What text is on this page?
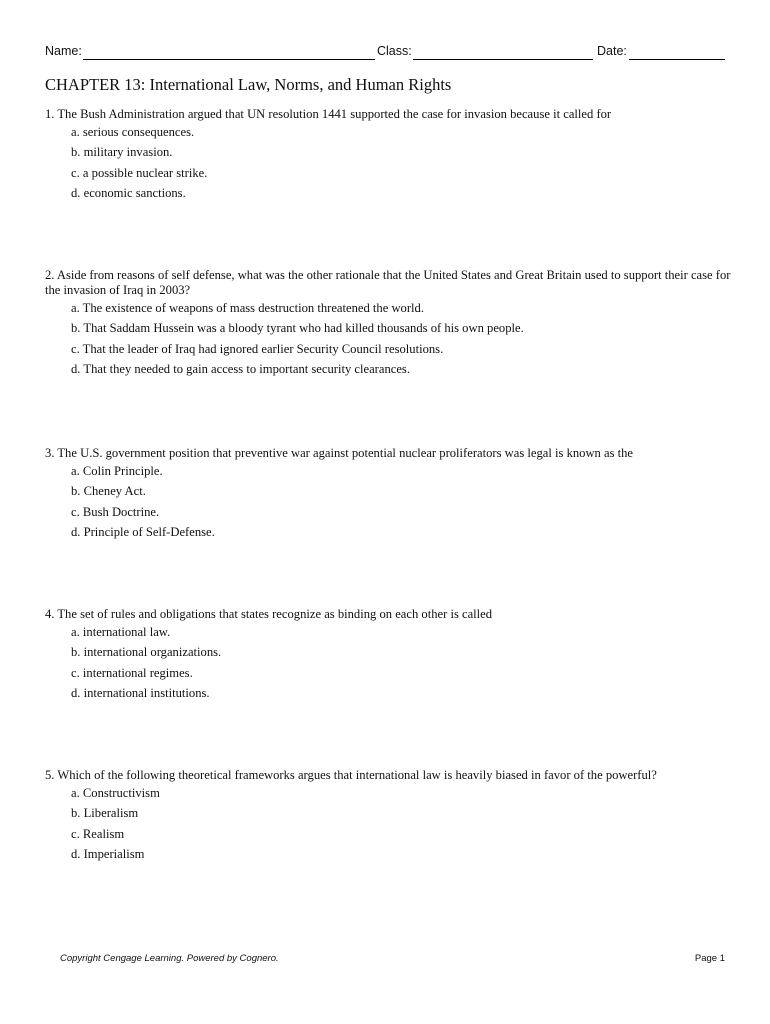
Name:	Class:	Date:
CHAPTER 13: International Law, Norms, and Human Rights

1. The Bush Administration argued that UN resolution 1441 supported the case for invasion because it called for

a. serious consequences.
b. military invasion.
c. a possible nuclear strike.
d. economic sanctions.

2. Aside from reasons of self defense, what was the other rationale that the United States and Great Britain used to support their case for the invasion of Iraq in 2003?

a. The existence of weapons of mass destruction threatened the world.
b. That Saddam Hussein was a bloody tyrant who had killed thousands of his own people.
c. That the leader of Iraq had ignored earlier Security Council resolutions.
d. That they needed to gain access to important security clearances.

3. The U.S. government position that preventive war against potential nuclear proliferators was legal is known as the

a. Colin Principle.
b. Cheney Act.
c. Bush Doctrine.
d. Principle of Self-Defense.

4. The set of rules and obligations that states recognize as binding on each other is called

a. international law.
b. international organizations.
c. international regimes.
d. international institutions.

5. Which of the following theoretical frameworks argues that international law is heavily biased in favor of the powerful?

a. Constructivism
b. Liberalism
c. Realism
d. Imperialism
Copyright Cengage Learning. Powered by Cognero.	Page 1
